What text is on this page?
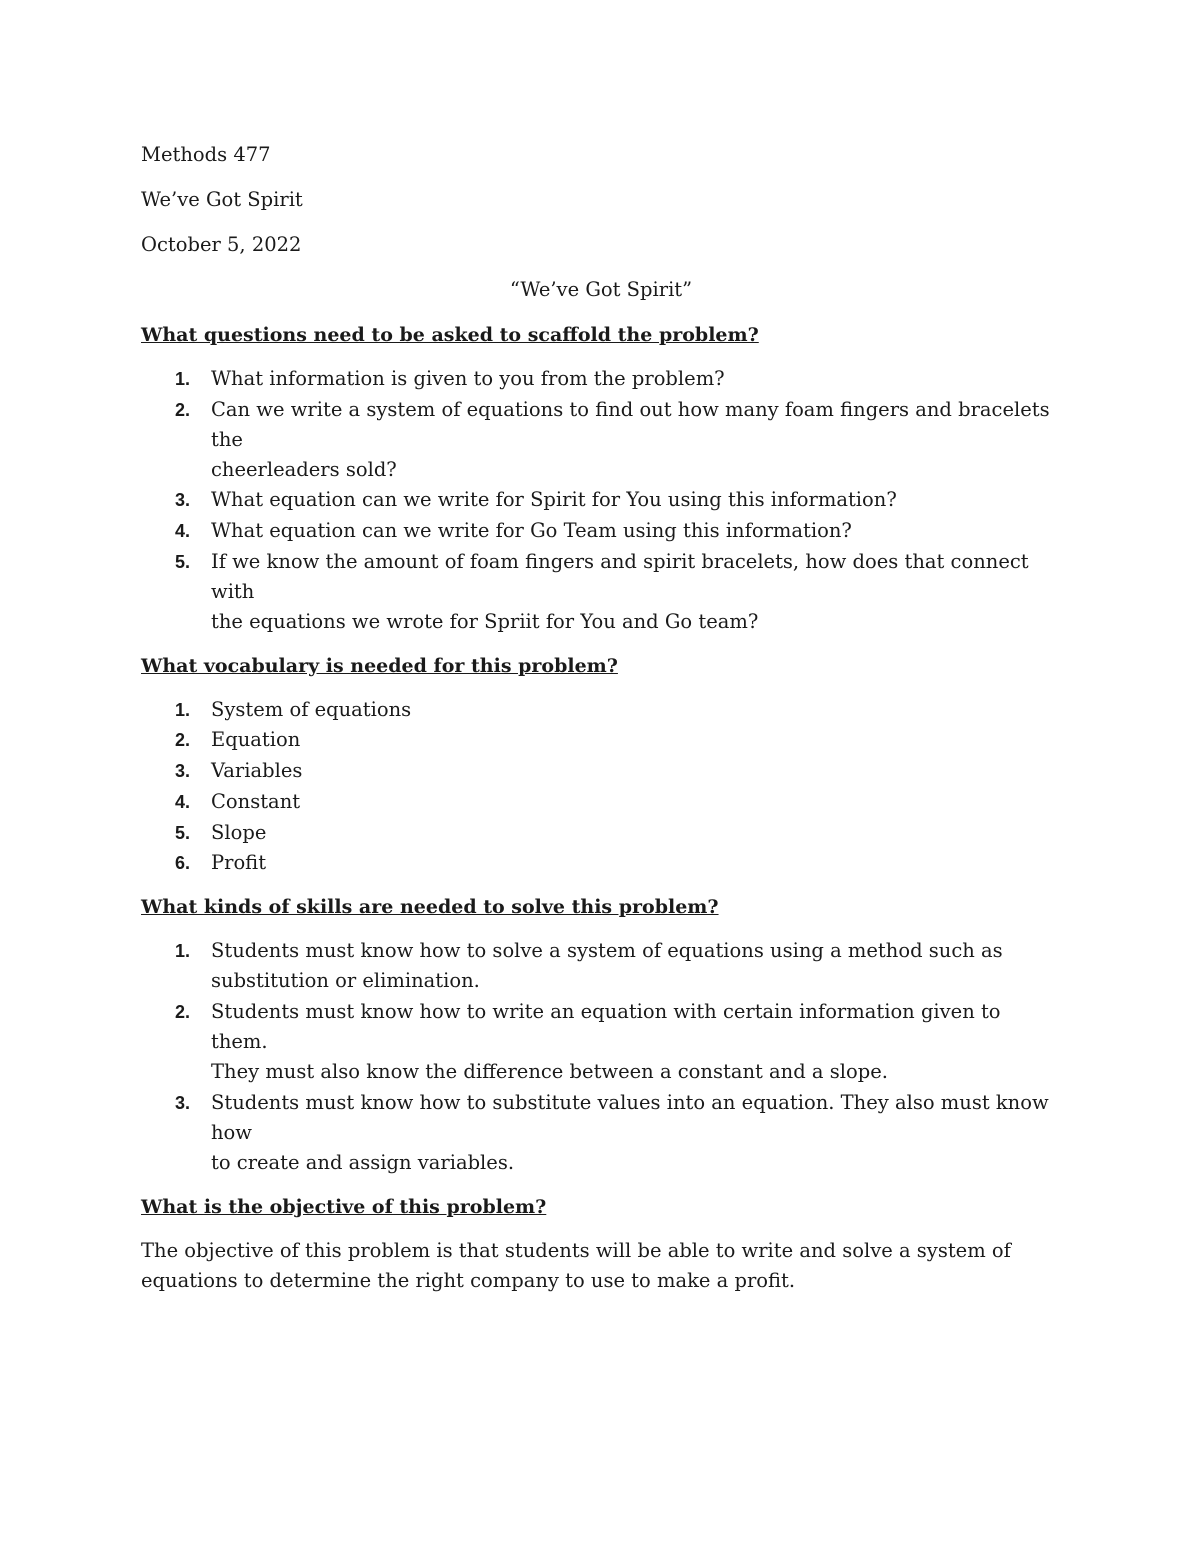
Methods 477

We’ve Got Spirit

October 5, 2022

“We’ve Got Spirit”

What questions need to be asked to scaffold the problem?

1.	What information is given to you from the problem?
2.	Can we write a system of equations to find out how many foam fingers and bracelets the
cheerleaders sold?
3.	What equation can we write for Spirit for You using this information?
4.	What equation can we write for Go Team using this information?
5.	If we know the amount of foam fingers and spirit bracelets, how does that connect with
the equations we wrote for Spriit for You and Go team?

What vocabulary is needed for this problem?

1.	System of equations
2.	Equation
3.	Variables
4.	Constant
5.	Slope
6.	Profit

What kinds of skills are needed to solve this problem?

1.	Students must know how to solve a system of equations using a method such as
substitution or elimination.
2.	Students must know how to write an equation with certain information given to them.
They must also know the difference between a constant and a slope.
3.	Students must know how to substitute values into an equation. They also must know how
to create and assign variables.

What is the objective of this problem?

The objective of this problem is that students will be able to write and solve a system of
equations to determine the right company to use to make a profit.
